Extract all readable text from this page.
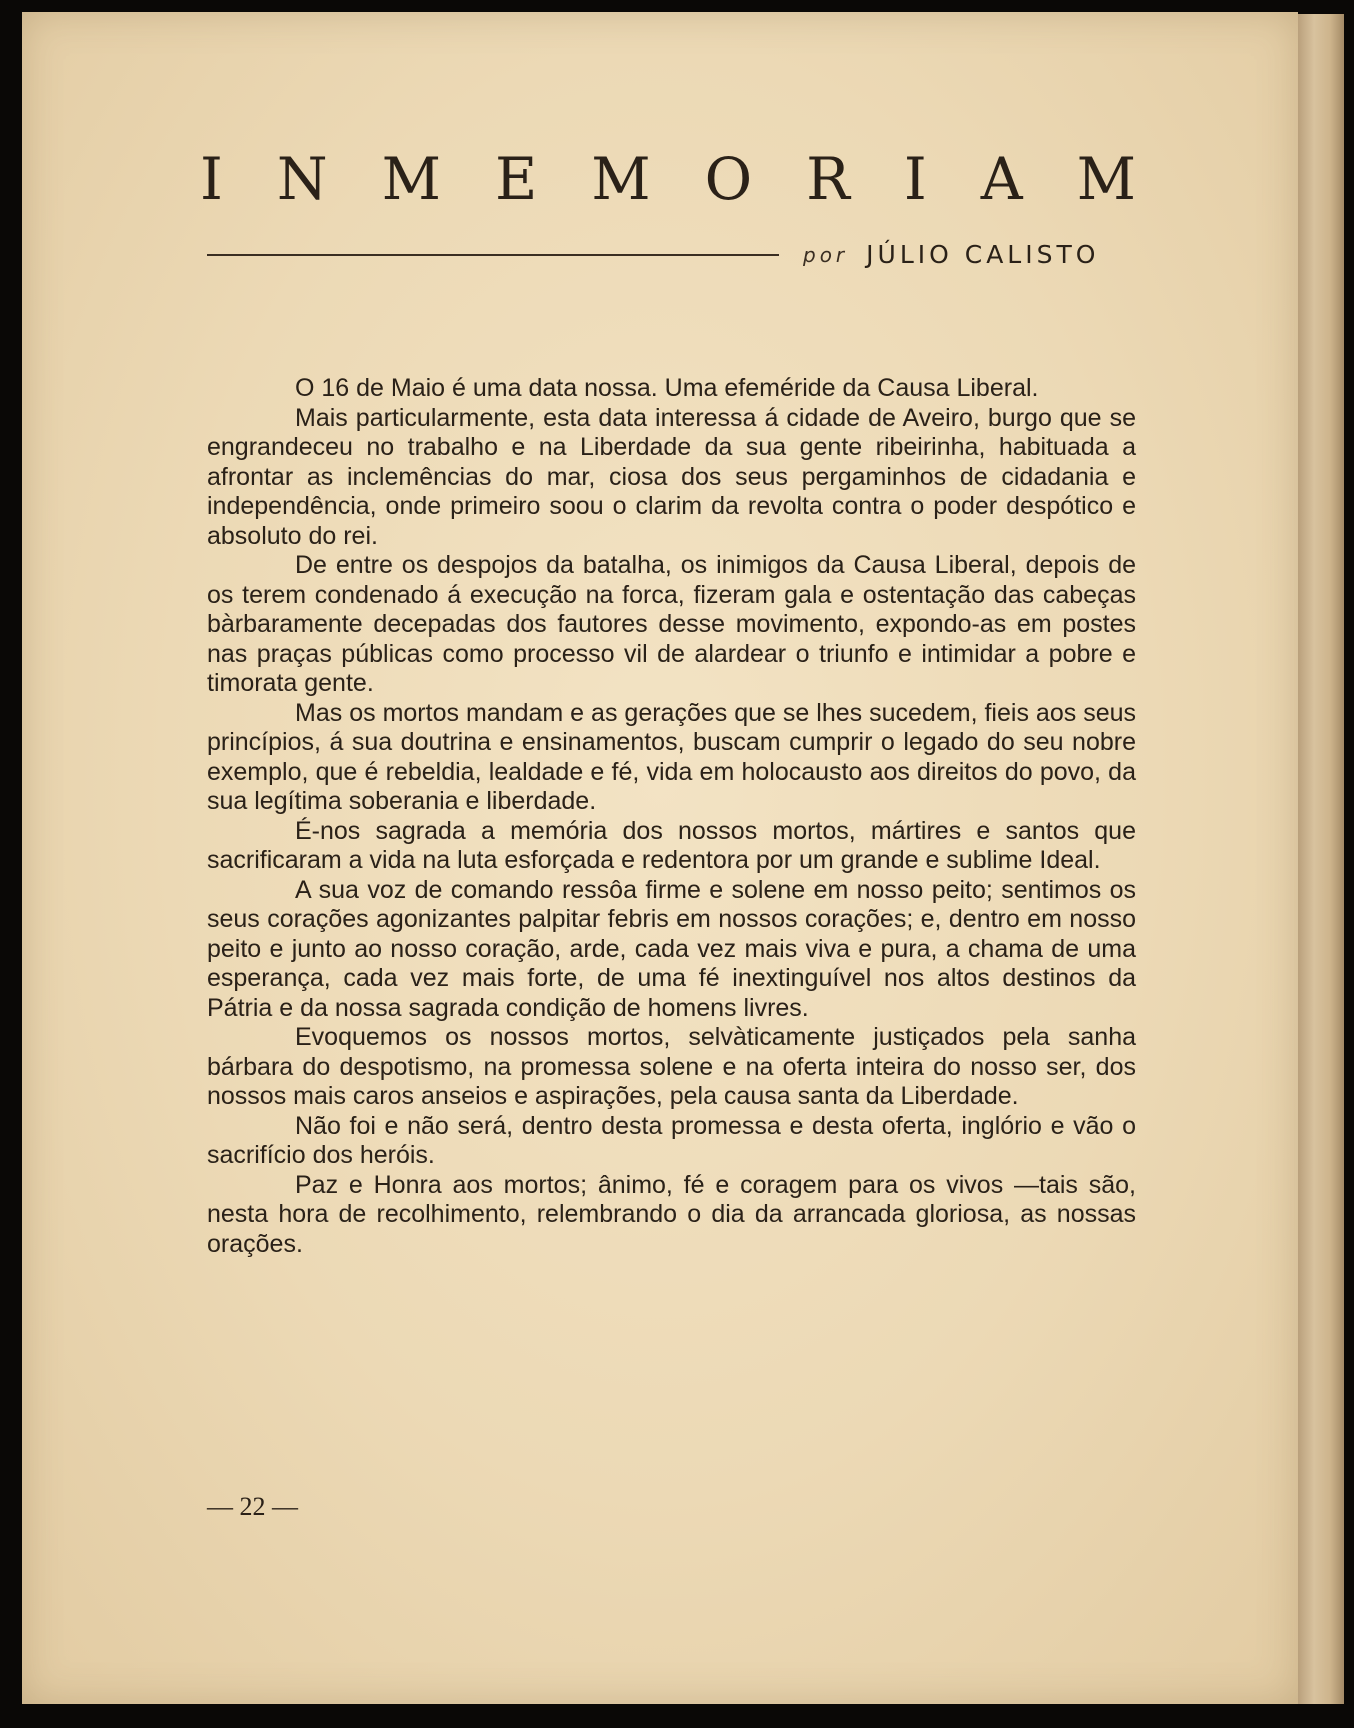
I N M E M O R I A M
por JÚLIO CALISTO

O 16 de Maio é uma data nossa. Uma efeméride da Causa Liberal.

Mais particularmente, esta data interessa á cidade de Aveiro, burgo que se engrandeceu no trabalho e na Liberdade da sua gente ribeirinha, habituada a afrontar as inclemências do mar, ciosa dos seus pergaminhos de cidadania e independência, onde primeiro soou o clarim da revolta contra o poder despótico e absoluto do rei.

De entre os despojos da batalha, os inimigos da Causa Liberal, depois de os terem condenado á execução na forca, fizeram gala e ostentação das cabeças bàrbaramente decepadas dos fautores desse movimento, expondo-as em postes nas praças públicas como processo vil de alardear o triunfo e intimidar a pobre e timorata gente.

Mas os mortos mandam e as gerações que se lhes sucedem, fieis aos seus princípios, á sua doutrina e ensinamentos, buscam cumprir o legado do seu nobre exemplo, que é rebeldia, lealdade e fé, vida em holocausto aos direitos do povo, da sua legítima soberania e liberdade.

É-nos sagrada a memória dos nossos mortos, mártires e santos que sacrificaram a vida na luta esforçada e redentora por um grande e sublime Ideal.

A sua voz de comando ressôa firme e solene em nosso peito; sentimos os seus corações agonizantes palpitar febris em nossos corações; e, dentro em nosso peito e junto ao nosso coração, arde, cada vez mais viva e pura, a chama de uma esperança, cada vez mais forte, de uma fé inextinguível nos altos destinos da Pátria e da nossa sagrada condição de homens livres.

Evoquemos os nossos mortos, selvàticamente justiçados pela sanha bárbara do despotismo, na promessa solene e na oferta inteira do nosso ser, dos nossos mais caros anseios e aspirações, pela causa santa da Liberdade.

Não foi e não será, dentro desta promessa e desta oferta, inglório e vão o sacrifício dos heróis.

Paz e Honra aos mortos; ânimo, fé e coragem para os vivos —tais são, nesta hora de recolhimento, relembrando o dia da arrancada gloriosa, as nossas orações.

— 22 —
